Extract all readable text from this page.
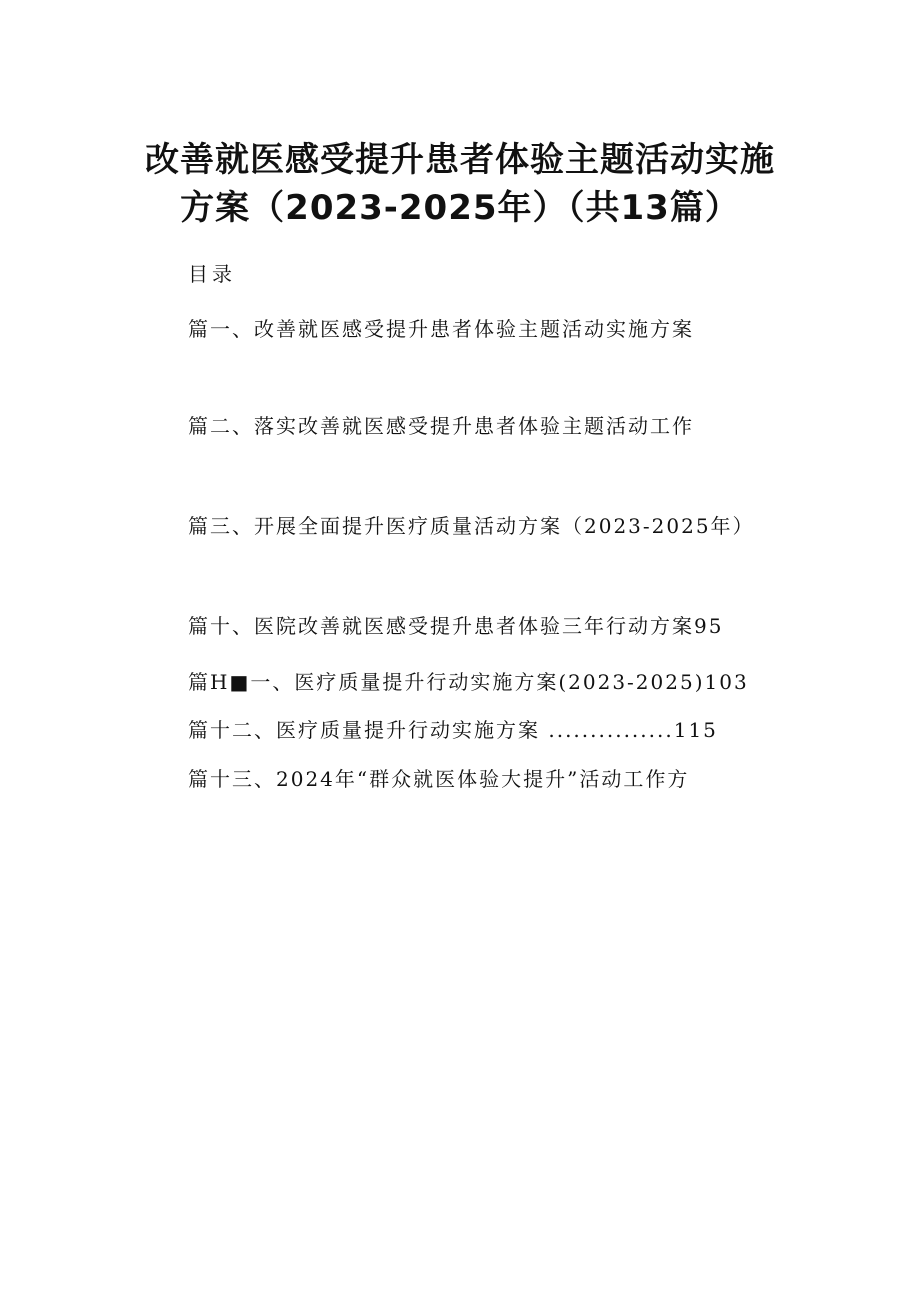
改善就医感受提升患者体验主题活动实施
方案（2023-2025年）（共13篇）
目录
篇一、改善就医感受提升患者体验主题活动实施方案
篇二、落实改善就医感受提升患者体验主题活动工作
篇三、开展全面提升医疗质量活动方案（2023-2025年）
篇十、医院改善就医感受提升患者体验三年行动方案95
篇H■一、医疗质量提升行动实施方案(2023-2025)103
篇十二、医疗质量提升行动实施方案 ...............115
篇十三、2024年“群众就医体验大提升”活动工作方
